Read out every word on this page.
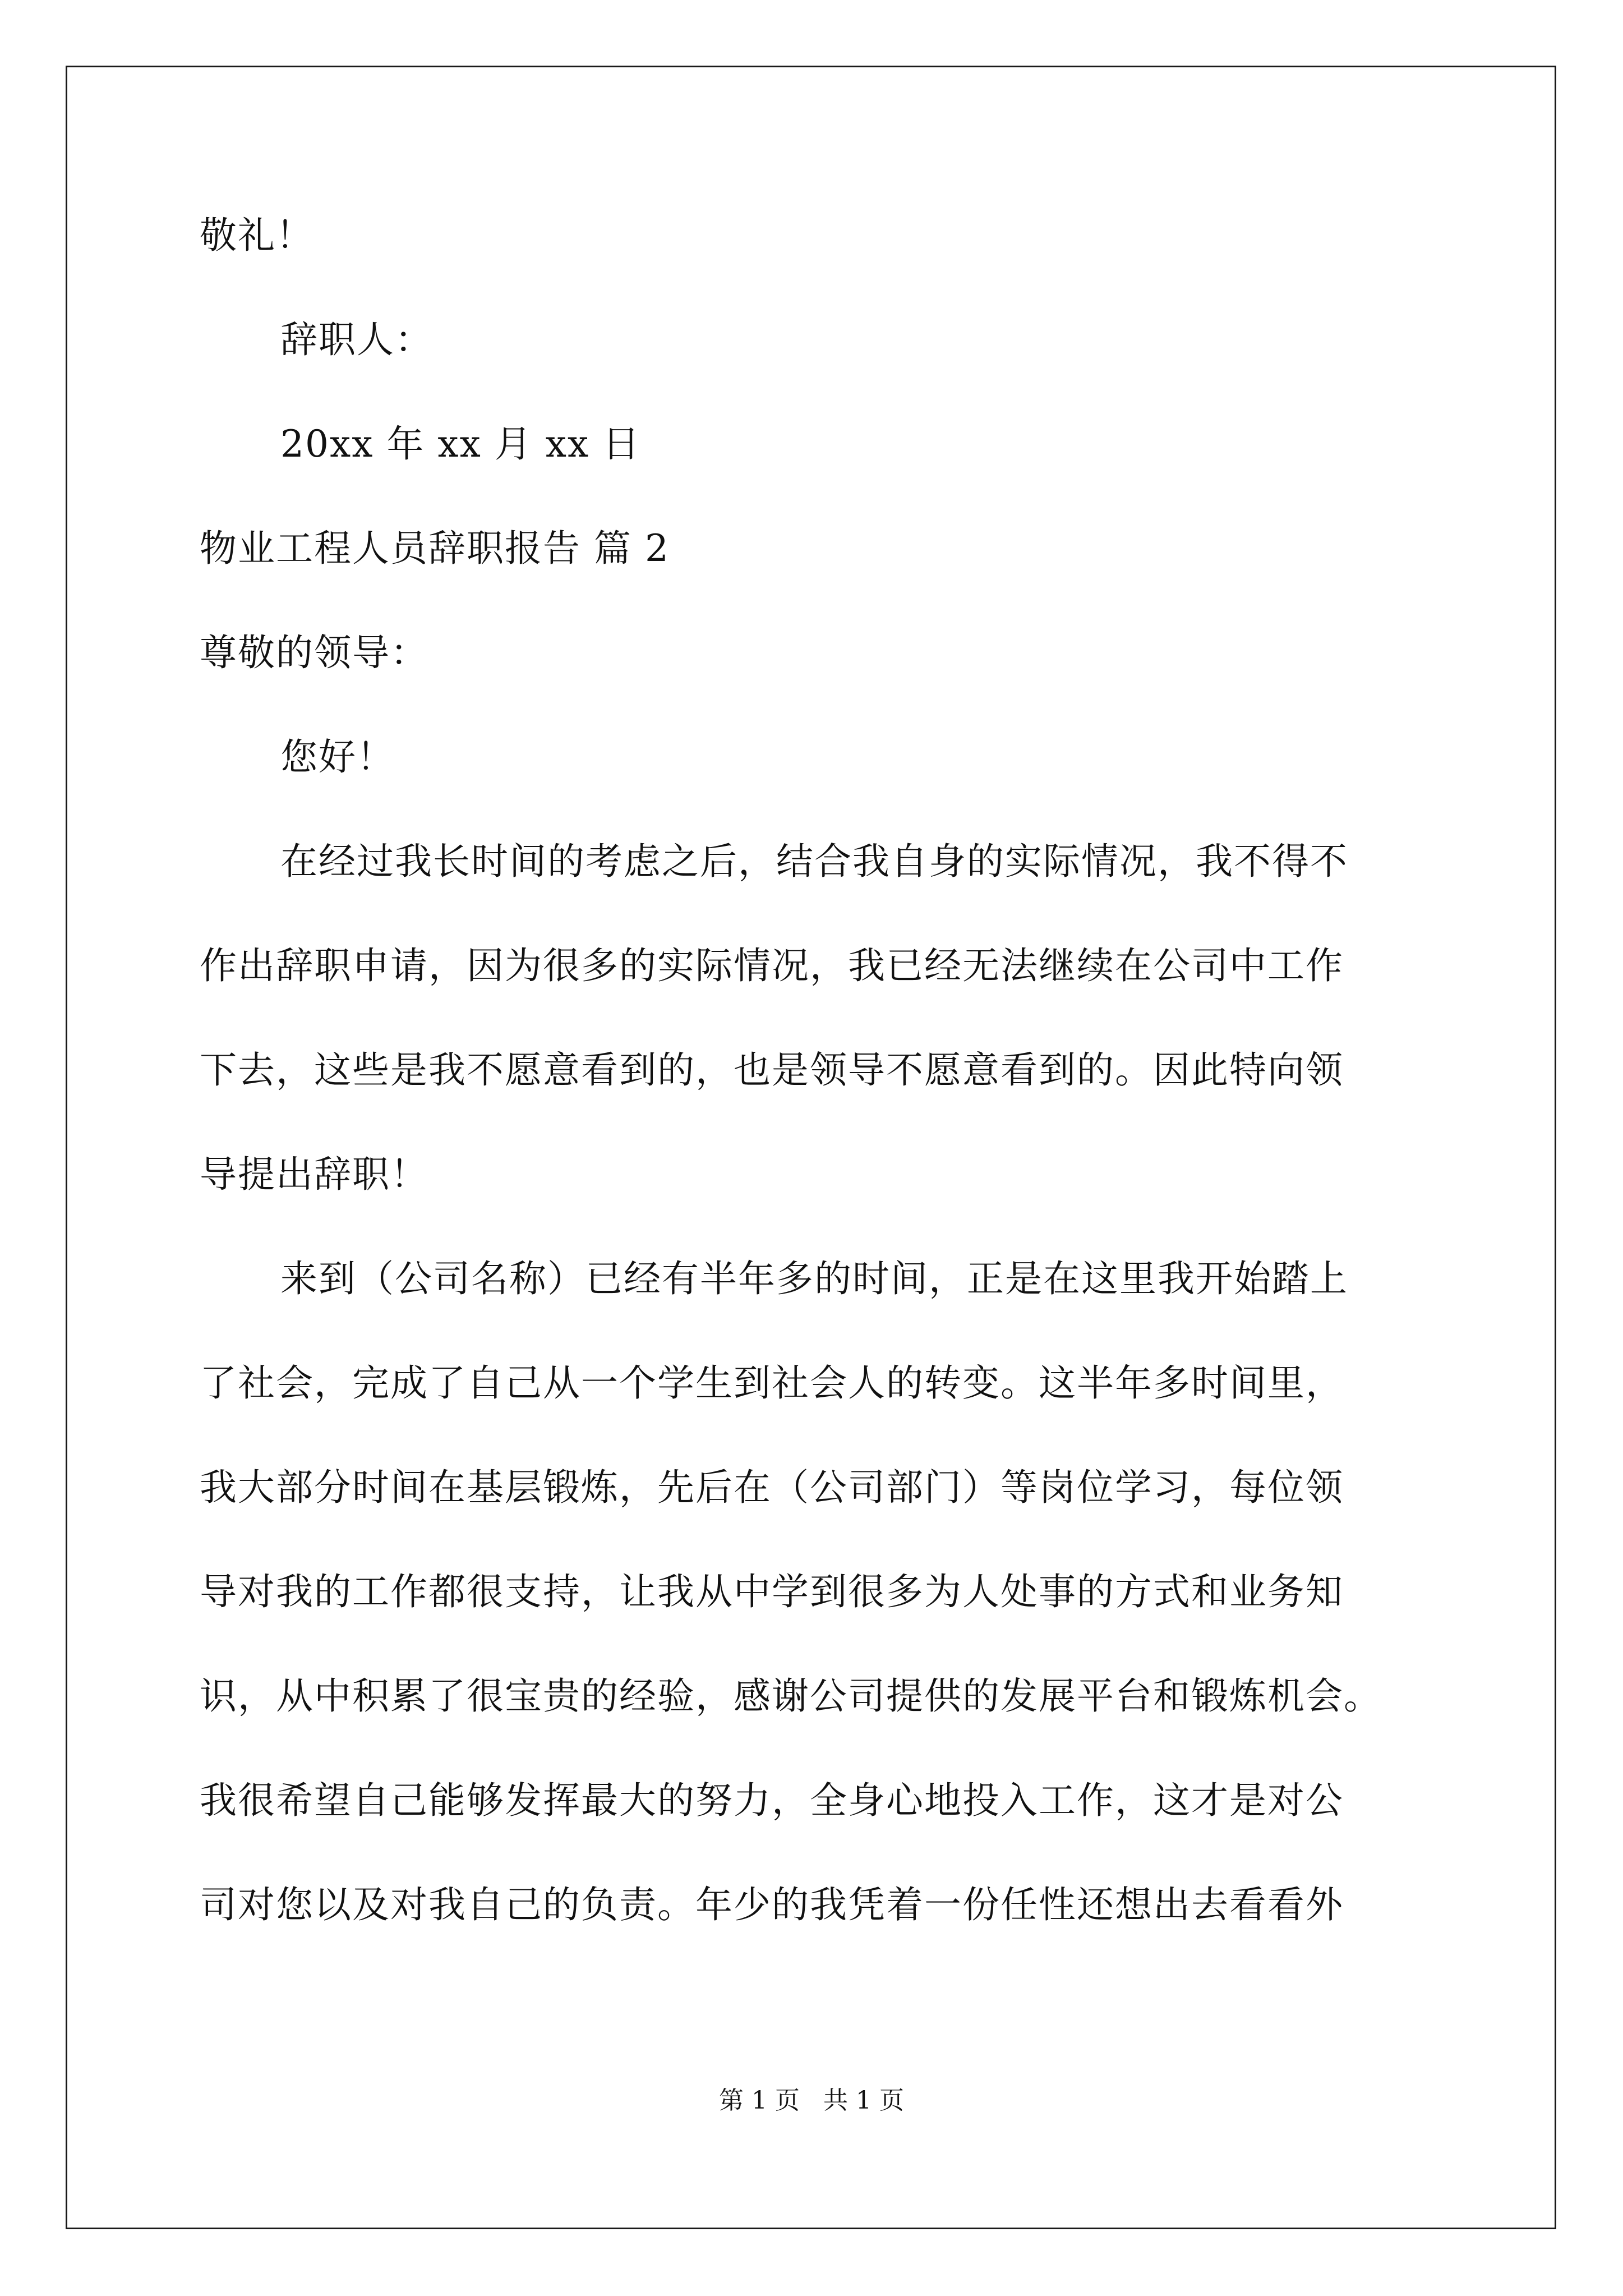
敬礼！
辞职人：
20xx 年 xx 月 xx 日
物业工程人员辞职报告 篇 2
尊敬的领导：
您好！
在经过我长时间的考虑之后，结合我自身的实际情况，我不得不
作出辞职申请，因为很多的实际情况，我已经无法继续在公司中工作
下去，这些是我不愿意看到的，也是领导不愿意看到的。因此特向领
导提出辞职！
来到（公司名称）已经有半年多的时间，正是在这里我开始踏上
了社会，完成了自己从一个学生到社会人的转变。这半年多时间里，
我大部分时间在基层锻炼，先后在（公司部门）等岗位学习，每位领
导对我的工作都很支持，让我从中学到很多为人处事的方式和业务知
识，从中积累了很宝贵的经验，感谢公司提供的发展平台和锻炼机会。
我很希望自己能够发挥最大的努力，全身心地投入工作，这才是对公
司对您以及对我自己的负责。年少的我凭着一份任性还想出去看看外
第 1 页   共 1 页
